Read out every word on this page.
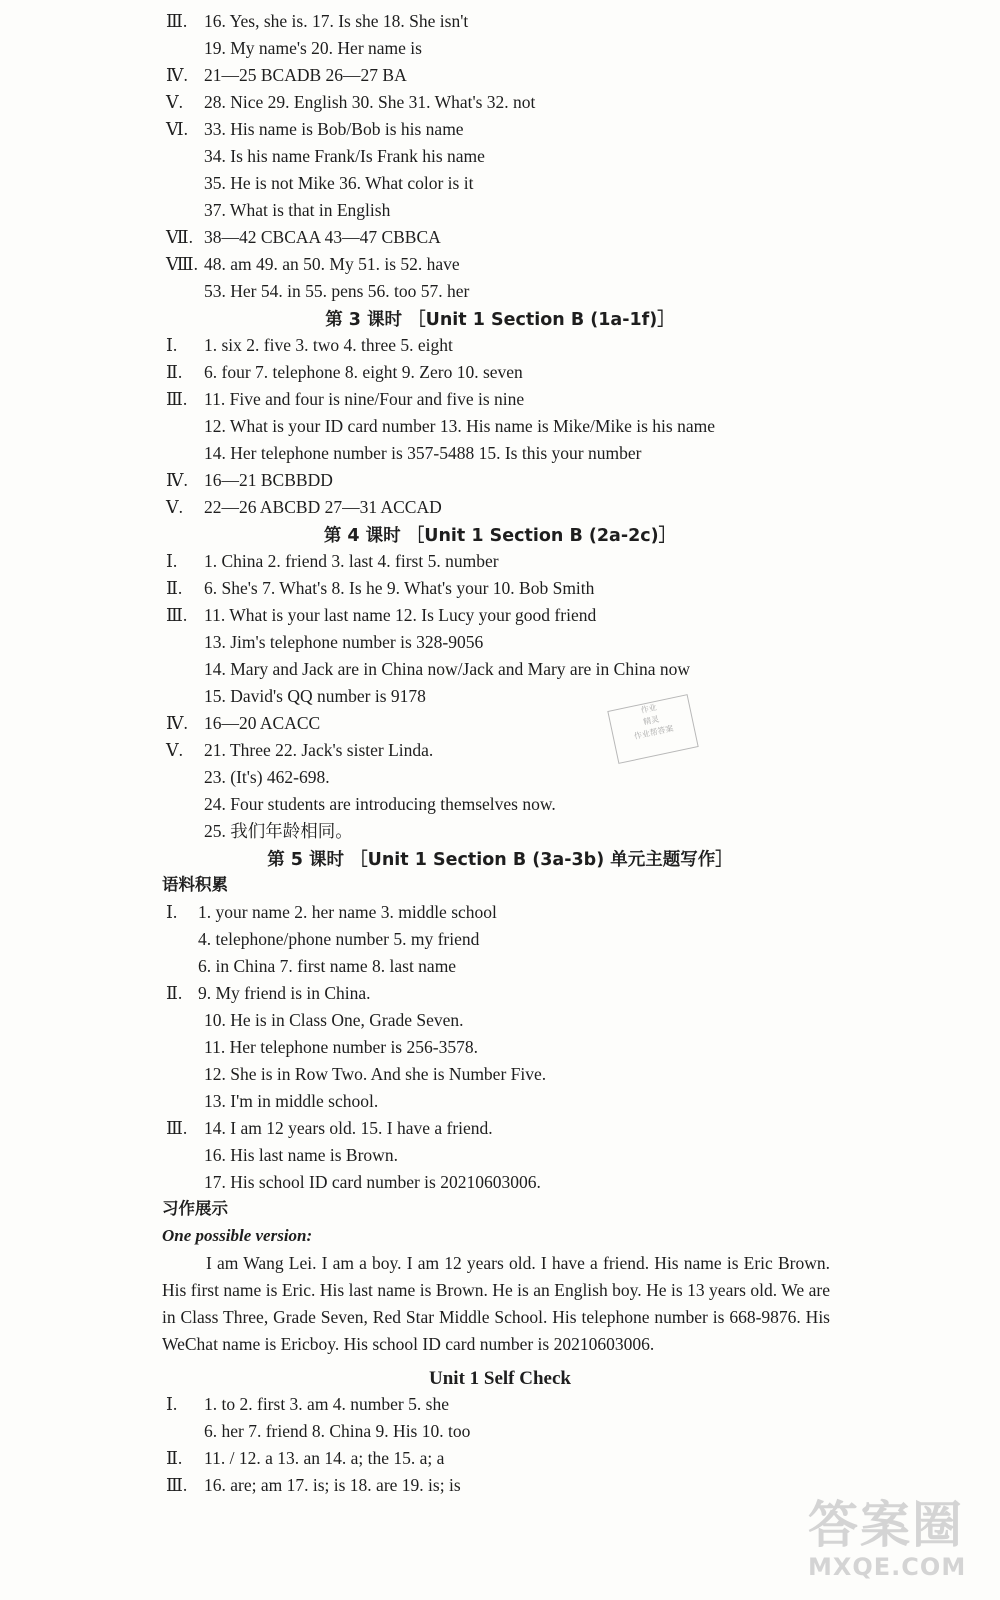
Ⅲ. 16. Yes, she is. 17. Is she 18. She isn't
19. My name's 20. Her name is
Ⅳ. 21—25 BCADB 26—27 BA
Ⅴ.	28. Nice 29. English 30. She 31. What's 32. not
Ⅵ. 33. His name is Bob/Bob is his name
34. Is his name Frank/Is Frank his name
35. He is not Mike 36. What color is it
37. What is that in English
Ⅶ. 38—42 CBCAA 43—47 CBBCA
Ⅷ. 48. am 49. an 50. My 51. is 52. have
53. Her 54. in 55. pens 56. too 57. her
第 3 课时 ［Unit 1 Section B (1a-1f)］
Ⅰ.	1. six 2. five 3. two 4. three 5. eight
Ⅱ.	6. four 7. telephone 8. eight 9. Zero 10. seven
Ⅲ. 11. Five and four is nine/Four and five is nine
12. What is your ID card number 13. His name is Mike/Mike is his name
14. Her telephone number is 357-5488 15. Is this your number
Ⅳ. 16—21 BCBBDD
Ⅴ.	22—26 ABCBD 27—31 ACCAD
第 4 课时 ［Unit 1 Section B (2a-2c)］
Ⅰ.	1. China 2. friend 3. last 4. first 5. number
Ⅱ.	6. She's 7. What's 8. Is he 9. What's your 10. Bob Smith
Ⅲ. 11. What is your last name 12. Is Lucy your good friend
13. Jim's telephone number is 328-9056
14. Mary and Jack are in China now/Jack and Mary are in China now
15. David's QQ number is 9178
Ⅳ. 16—20 ACACC
Ⅴ.	21. Three 22. Jack's sister Linda.
23. (It's) 462-698.
24. Four students are introducing themselves now.
25. 我们年龄相同。
第 5 课时 ［Unit 1 Section B (3a-3b) 单元主题写作］
语料积累
Ⅰ.	1. your name 2. her name 3. middle school
4. telephone/phone number 5. my friend
6. in China 7. first name 8. last name
Ⅱ. 9. My friend is in China.
10. He is in Class One, Grade Seven.
11. Her telephone number is 256-3578.
12. She is in Row Two. And she is Number Five.
13. I'm in middle school.
Ⅲ. 14. I am 12 years old. 15. I have a friend.
16. His last name is Brown.
17. His school ID card number is 20210603006.
习作展示
One possible version:

I am Wang Lei. I am a boy. I am 12 years old. I have a friend. His name is Eric Brown. His first name is Eric. His last name is Brown. He is an English boy. He is 13 years old. We are in Class Three, Grade Seven, Red Star Middle School. His telephone number is 668-9876. His WeChat name is Ericboy. His school ID card number is 20210603006.

Unit 1 Self Check
Ⅰ.	1. to 2. first 3. am 4. number 5. she
6. her 7. friend 8. China 9. His 10. too
Ⅱ.	11. / 12. a 13. an 14. a; the 15. a; a
Ⅲ. 16. are; am 17. is; is 18. are 19. is; is
作业
精灵
作业帮答案
答案圈
MXQE.COM
